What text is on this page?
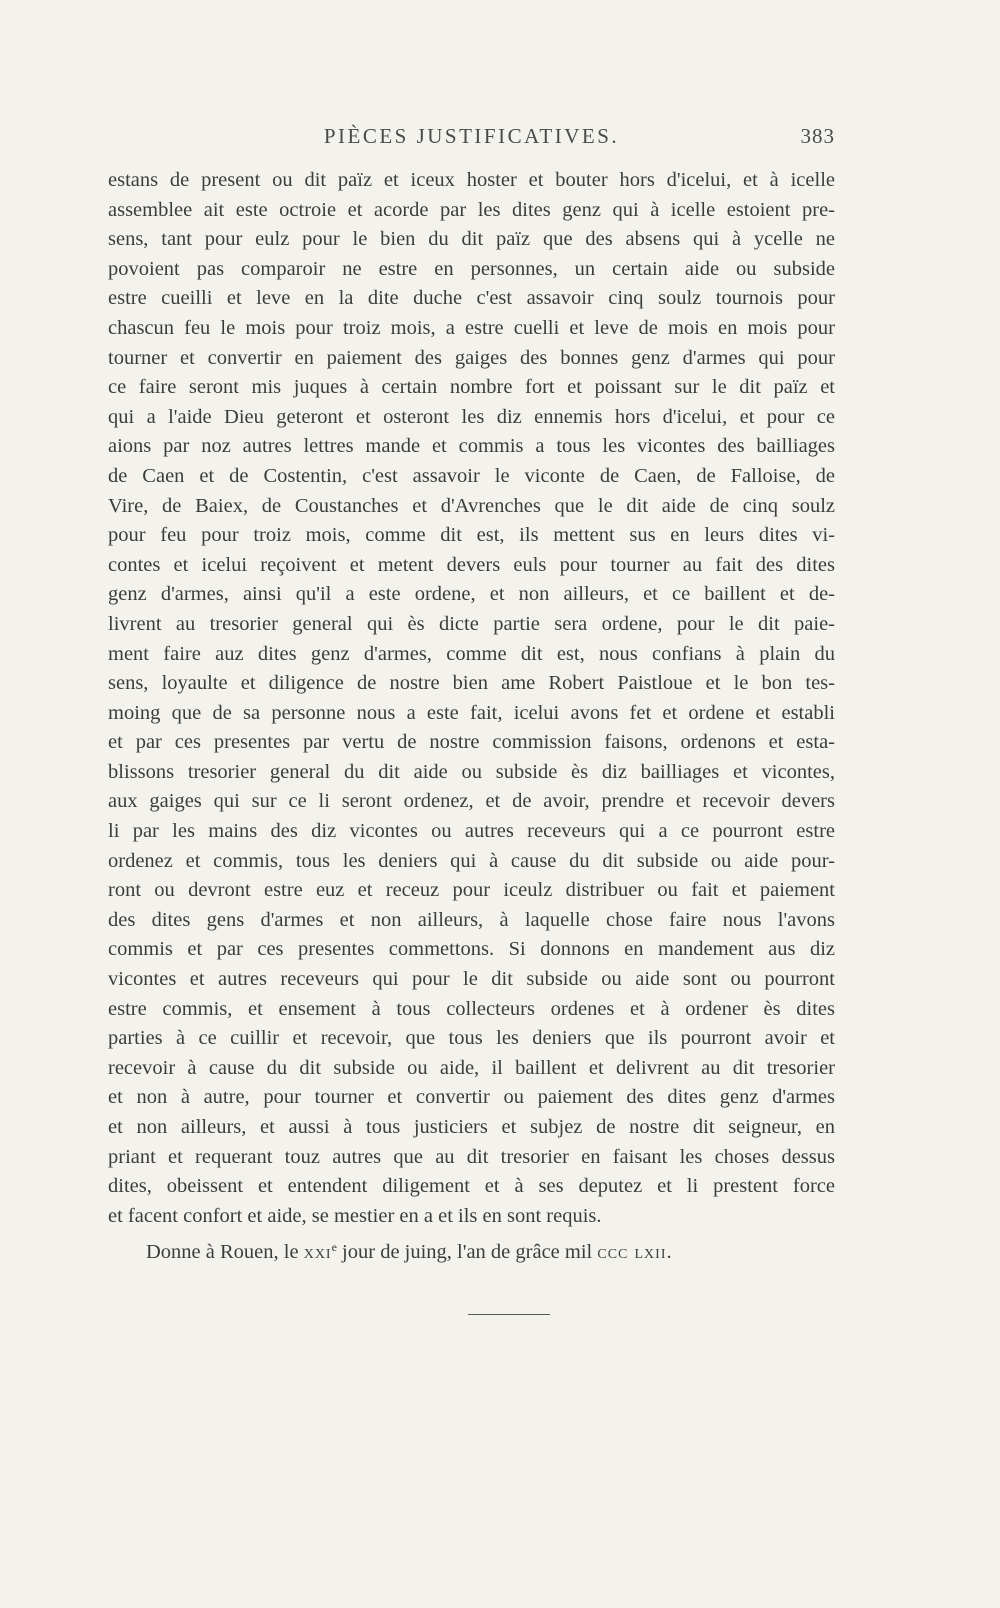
PIÈCES JUSTIFICATIVES.	383
estans de present ou dit païz et iceux hoster et bouter hors d'icelui, et à icelle
assemblee ait este octroie et acorde par les dites genz qui à icelle estoient pre-
sens, tant pour eulz pour le bien du dit païz que des absens qui à ycelle ne
povoient pas comparoir ne estre en personnes, un certain aide ou subside
estre cueilli et leve en la dite duche c'est assavoir cinq soulz tournois pour
chascun feu le mois pour troiz mois, a estre cuelli et leve de mois en mois pour
tourner et convertir en paiement des gaiges des bonnes genz d'armes qui pour
ce faire seront mis juques à certain nombre fort et poissant sur le dit païz et
qui a l'aide Dieu geteront et osteront les diz ennemis hors d'icelui, et pour ce
aions par noz autres lettres mande et commis a tous les vicontes des bailliages
de Caen et de Costentin, c'est assavoir le viconte de Caen, de Falloise, de
Vire, de Baiex, de Coustanches et d'Avrenches que le dit aide de cinq soulz
pour feu pour troiz mois, comme dit est, ils mettent sus en leurs dites vi-
contes et icelui reçoivent et metent devers euls pour tourner au fait des dites
genz d'armes, ainsi qu'il a este ordene, et non ailleurs, et ce baillent et de-
livrent au tresorier general qui ès dicte partie sera ordene, pour le dit paie-
ment faire auz dites genz d'armes, comme dit est, nous confians à plain du
sens, loyaulte et diligence de nostre bien ame Robert Paistloue et le bon tes-
moing que de sa personne nous a este fait, icelui avons fet et ordene et establi
et par ces presentes par vertu de nostre commission faisons, ordenons et esta-
blissons tresorier general du dit aide ou subside ès diz bailliages et vicontes,
aux gaiges qui sur ce li seront ordenez, et de avoir, prendre et recevoir devers
li par les mains des diz vicontes ou autres receveurs qui a ce pourront estre
ordenez et commis, tous les deniers qui à cause du dit subside ou aide pour-
ront ou devront estre euz et receuz pour iceulz distribuer ou fait et paiement
des dites gens d'armes et non ailleurs, à laquelle chose faire nous l'avons
commis et par ces presentes commettons. Si donnons en mandement aus diz
vicontes et autres receveurs qui pour le dit subside ou aide sont ou pourront
estre commis, et ensement à tous collecteurs ordenes et à ordener ès dites
parties à ce cuillir et recevoir, que tous les deniers que ils pourront avoir et
recevoir à cause du dit subside ou aide, il baillent et delivrent au dit tresorier
et non à autre, pour tourner et convertir ou paiement des dites genz d'armes
et non ailleurs, et aussi à tous justiciers et subjez de nostre dit seigneur, en
priant et requerant touz autres que au dit tresorier en faisant les choses dessus
dites, obeissent et entendent diligement et à ses deputez et li prestent force
et facent confort et aide, se mestier en a et ils en sont requis.
Donne à Rouen, le xxi$^e$ jour de juing, l'an de grâce mil ccc lxii.
